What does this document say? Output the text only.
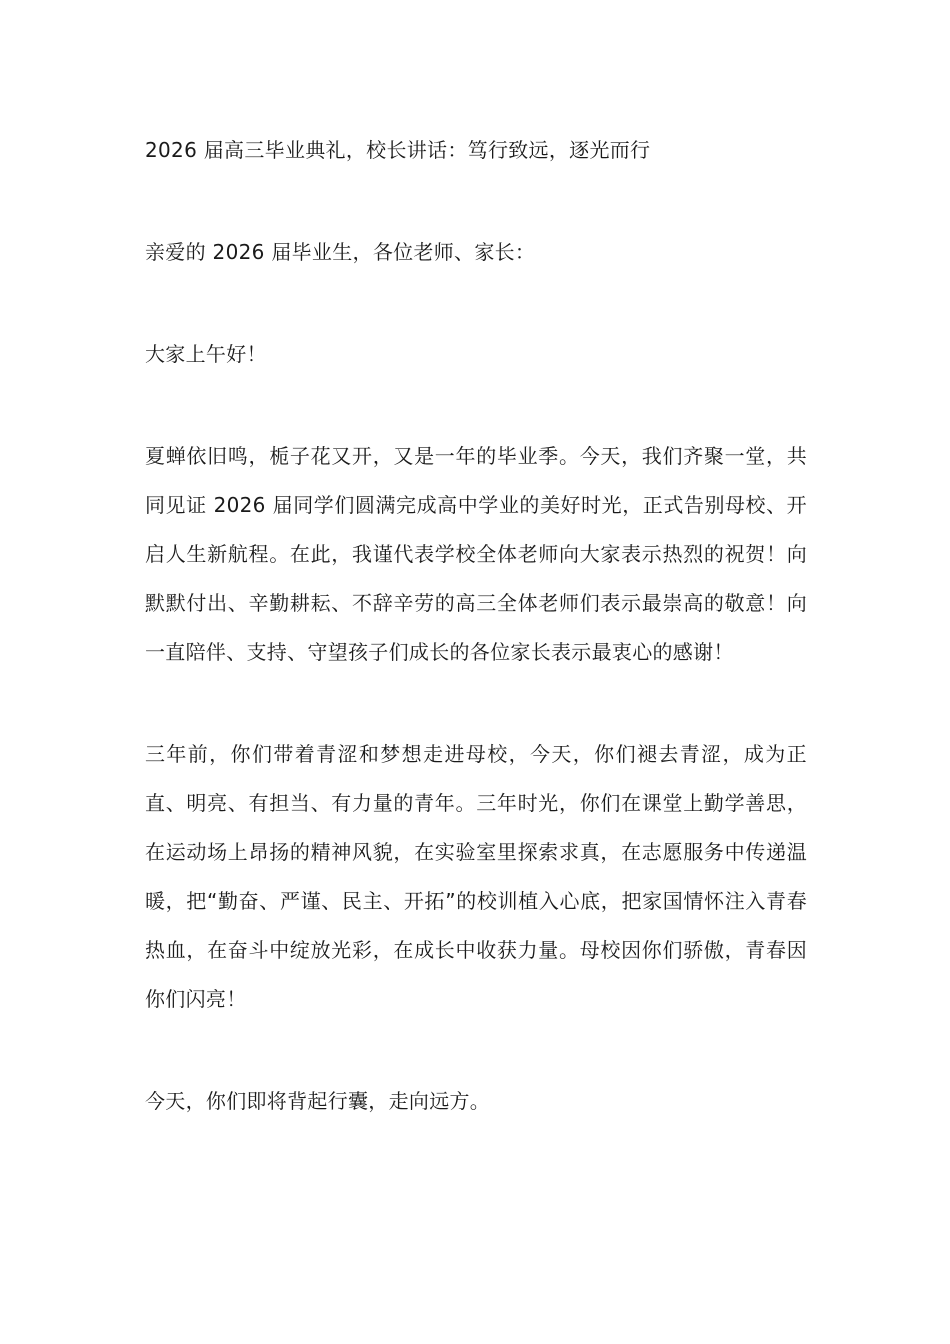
2026 届高三毕业典礼，校长讲话：笃行致远，逐光而行

亲爱的 2026 届毕业生，各位老师、家长：

大家上午好！

夏蝉依旧鸣，栀子花又开，又是一年的毕业季。今天，我们齐聚一堂，共同见证 2026 届同学们圆满完成高中学业的美好时光，正式告别母校、开启人生新航程。在此，我谨代表学校全体老师向大家表示热烈的祝贺！向默默付出、辛勤耕耘、不辞辛劳的高三全体老师们表示最崇高的敬意！向一直陪伴、支持、守望孩子们成长的各位家长表示最衷心的感谢！

三年前，你们带着青涩和梦想走进母校，今天，你们褪去青涩，成为正直、明亮、有担当、有力量的青年。三年时光，你们在课堂上勤学善思，在运动场上昂扬的精神风貌，在实验室里探索求真，在志愿服务中传递温暖，把“勤奋、严谨、民主、开拓”的校训植入心底，把家国情怀注入青春热血，在奋斗中绽放光彩，在成长中收获力量。母校因你们骄傲，青春因你们闪亮！

今天，你们即将背起行囊，走向远方。
